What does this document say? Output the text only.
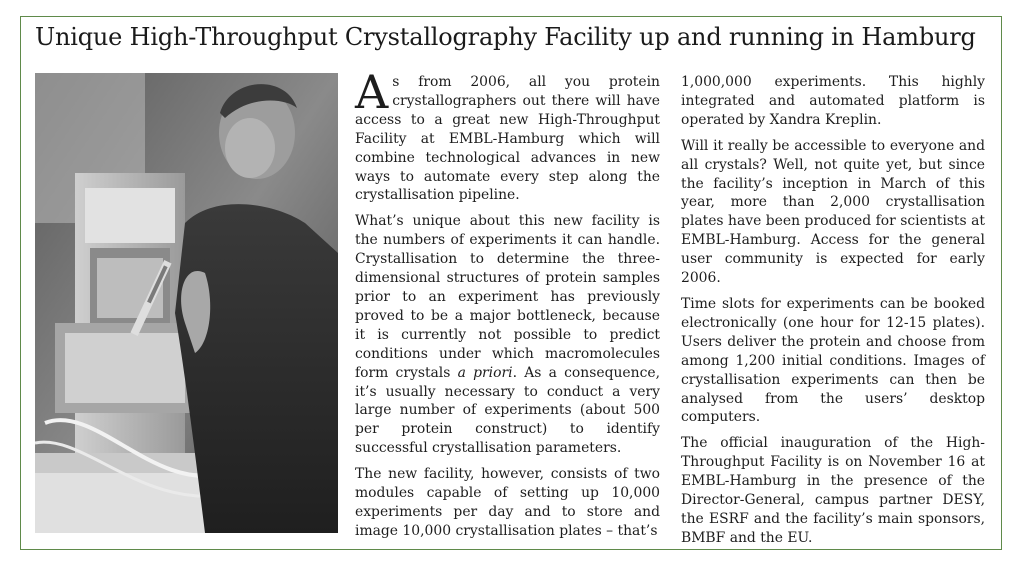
Unique High-Throughput Crystallography Facility up and running in Hamburg

As from 2006, all you protein crystallographers out there will have access to a great new High-Throughput Facility at EMBL-Hamburg which will combine technological advances in new ways to automate every step along the crystallisation pipeline.

What’s unique about this new facility is the numbers of experiments it can handle. Crystallisation to determine the three-dimensional structures of protein samples prior to an experiment has previously proved to be a major bottleneck, because it is currently not possible to predict conditions under which macromolecules form crystals a priori. As a consequence, it’s usually necessary to conduct a very large number of experiments (about 500 per protein construct) to identify successful crystallisation parameters.

The new facility, however, consists of two modules capable of setting up 10,000 experiments per day and to store and image 10,000 crystallisation plates – that’s

1,000,000 experiments. This highly integrated and automated platform is operated by Xandra Kreplin.

Will it really be accessible to everyone and all crystals? Well, not quite yet, but since the facility’s inception in March of this year, more than 2,000 crystallisation plates have been produced for scientists at EMBL-Hamburg. Access for the general user community is expected for early 2006.

Time slots for experiments can be booked electronically (one hour for 12-15 plates). Users deliver the protein and choose from among 1,200 initial conditions. Images of crystallisation experiments can then be analysed from the users’ desktop computers.

The official inauguration of the High-Throughput Facility is on November 16 at EMBL-Hamburg in the presence of the Director-General, campus partner DESY, the ESRF and the facility’s main sponsors, BMBF and the EU.
